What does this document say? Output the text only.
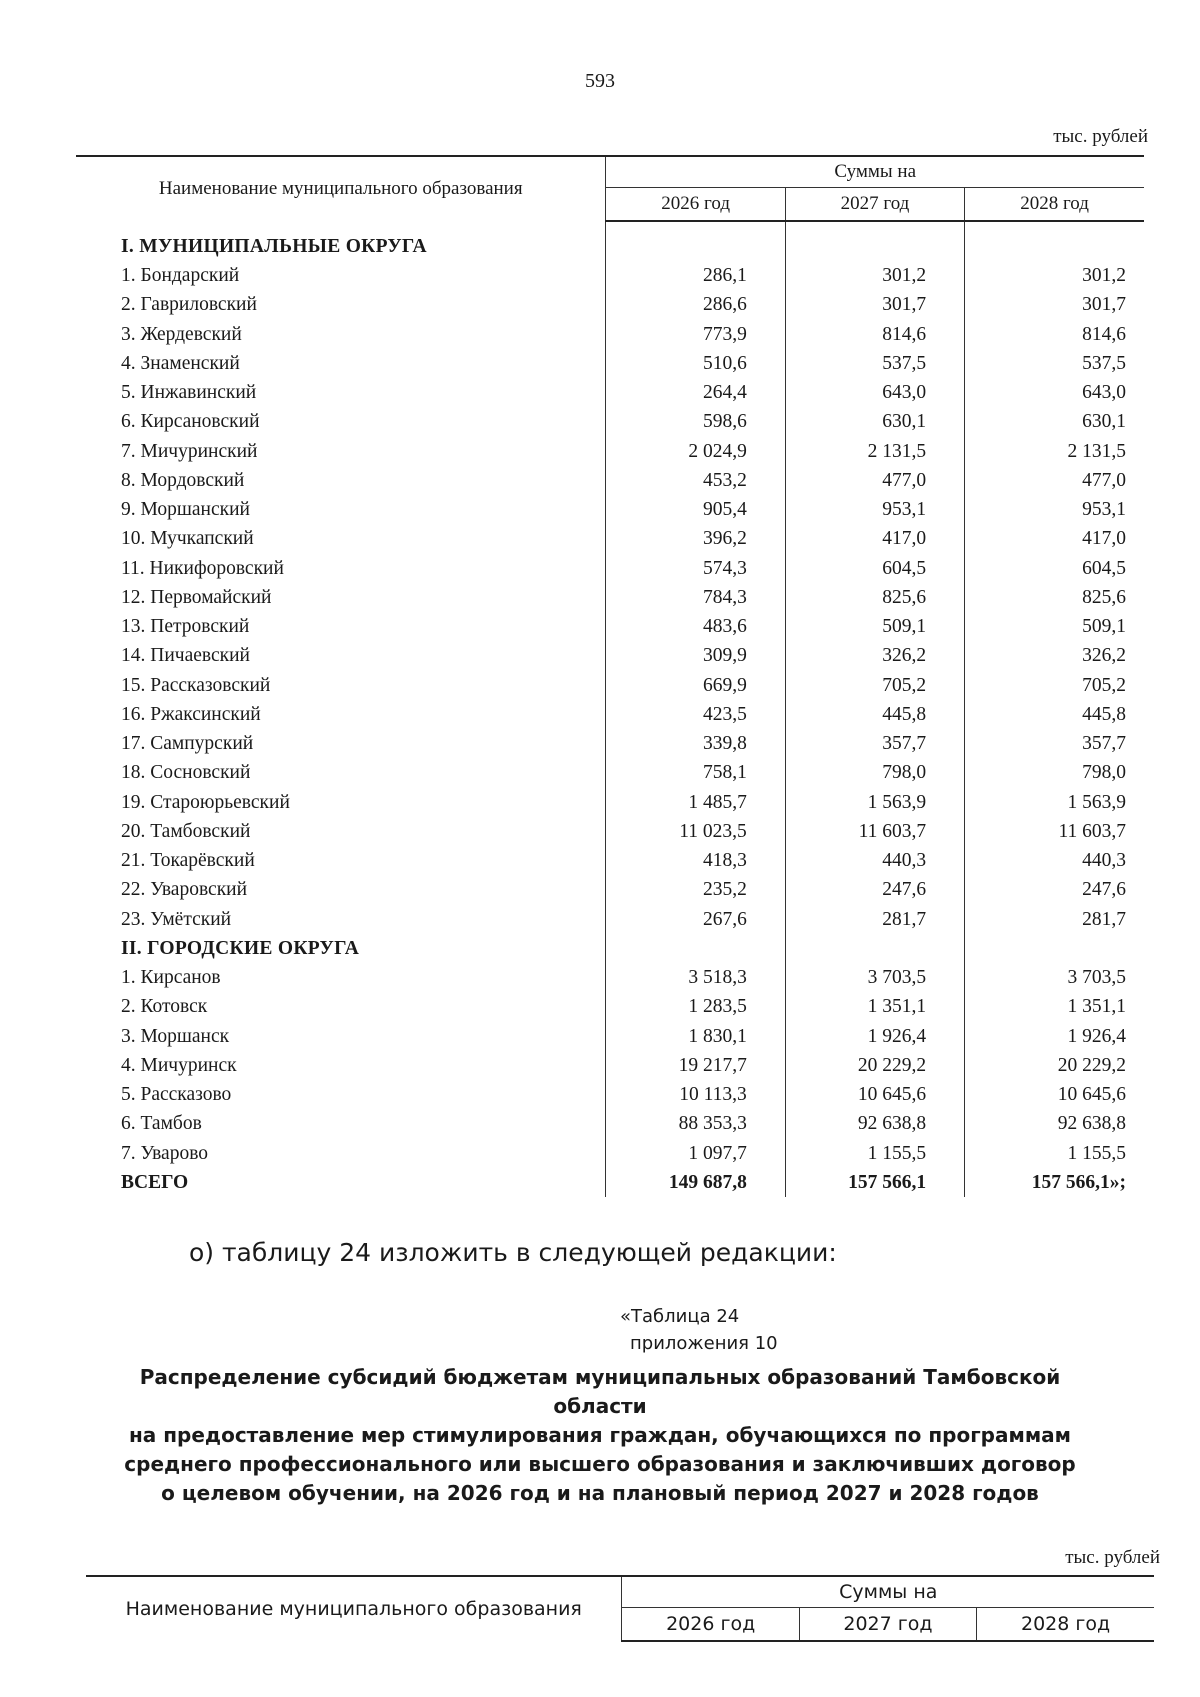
593
тыс. рублей
Наименование муниципального образования	Суммы на		
	2026 год	2027 год	2028 год

I. МУНИЦИПАЛЬНЫЕ ОКРУГА			
1. Бондарский	286,1	301,2	301,2
2. Гавриловский	286,6	301,7	301,7
3. Жердевский	773,9	814,6	814,6
4. Знаменский	510,6	537,5	537,5
5. Инжавинский	264,4	643,0	643,0
6. Кирсановский	598,6	630,1	630,1
7. Мичуринский	2 024,9	2 131,5	2 131,5
8. Мордовский	453,2	477,0	477,0
9. Моршанский	905,4	953,1	953,1
10. Мучкапский	396,2	417,0	417,0
11. Никифоровский	574,3	604,5	604,5
12. Первомайский	784,3	825,6	825,6
13. Петровский	483,6	509,1	509,1
14. Пичаевский	309,9	326,2	326,2
15. Рассказовский	669,9	705,2	705,2
16. Ржаксинский	423,5	445,8	445,8
17. Сампурский	339,8	357,7	357,7
18. Сосновский	758,1	798,0	798,0
19. Староюрьевский	1 485,7	1 563,9	1 563,9
20. Тамбовский	11 023,5	11 603,7	11 603,7
21. Токарёвский	418,3	440,3	440,3
22. Уваровский	235,2	247,6	247,6
23. Умётский	267,6	281,7	281,7
II. ГОРОДСКИЕ ОКРУГА			
1. Кирсанов	3 518,3	3 703,5	3 703,5
2. Котовск	1 283,5	1 351,1	1 351,1
3. Моршанск	1 830,1	1 926,4	1 926,4
4. Мичуринск	19 217,7	20 229,2	20 229,2
5. Рассказово	10 113,3	10 645,6	10 645,6
6. Тамбов	88 353,3	92 638,8	92 638,8
7. Уварово	1 097,7	1 155,5	1 155,5
ВСЕГО	149 687,8	157 566,1	157 566,1»;
о) таблицу 24 изложить в следующей редакции:
«Таблица 24
приложения 10
Распределение субсидий бюджетам муниципальных образований Тамбовской области
на предоставление мер стимулирования граждан, обучающихся по программам
среднего профессионального или высшего образования и заключивших договор
о целевом обучении, на 2026 год и на плановый период 2027 и 2028 годов
тыс. рублей
Наименование муниципального образования	Суммы на		
	2026 год	2027 год	2028 год
